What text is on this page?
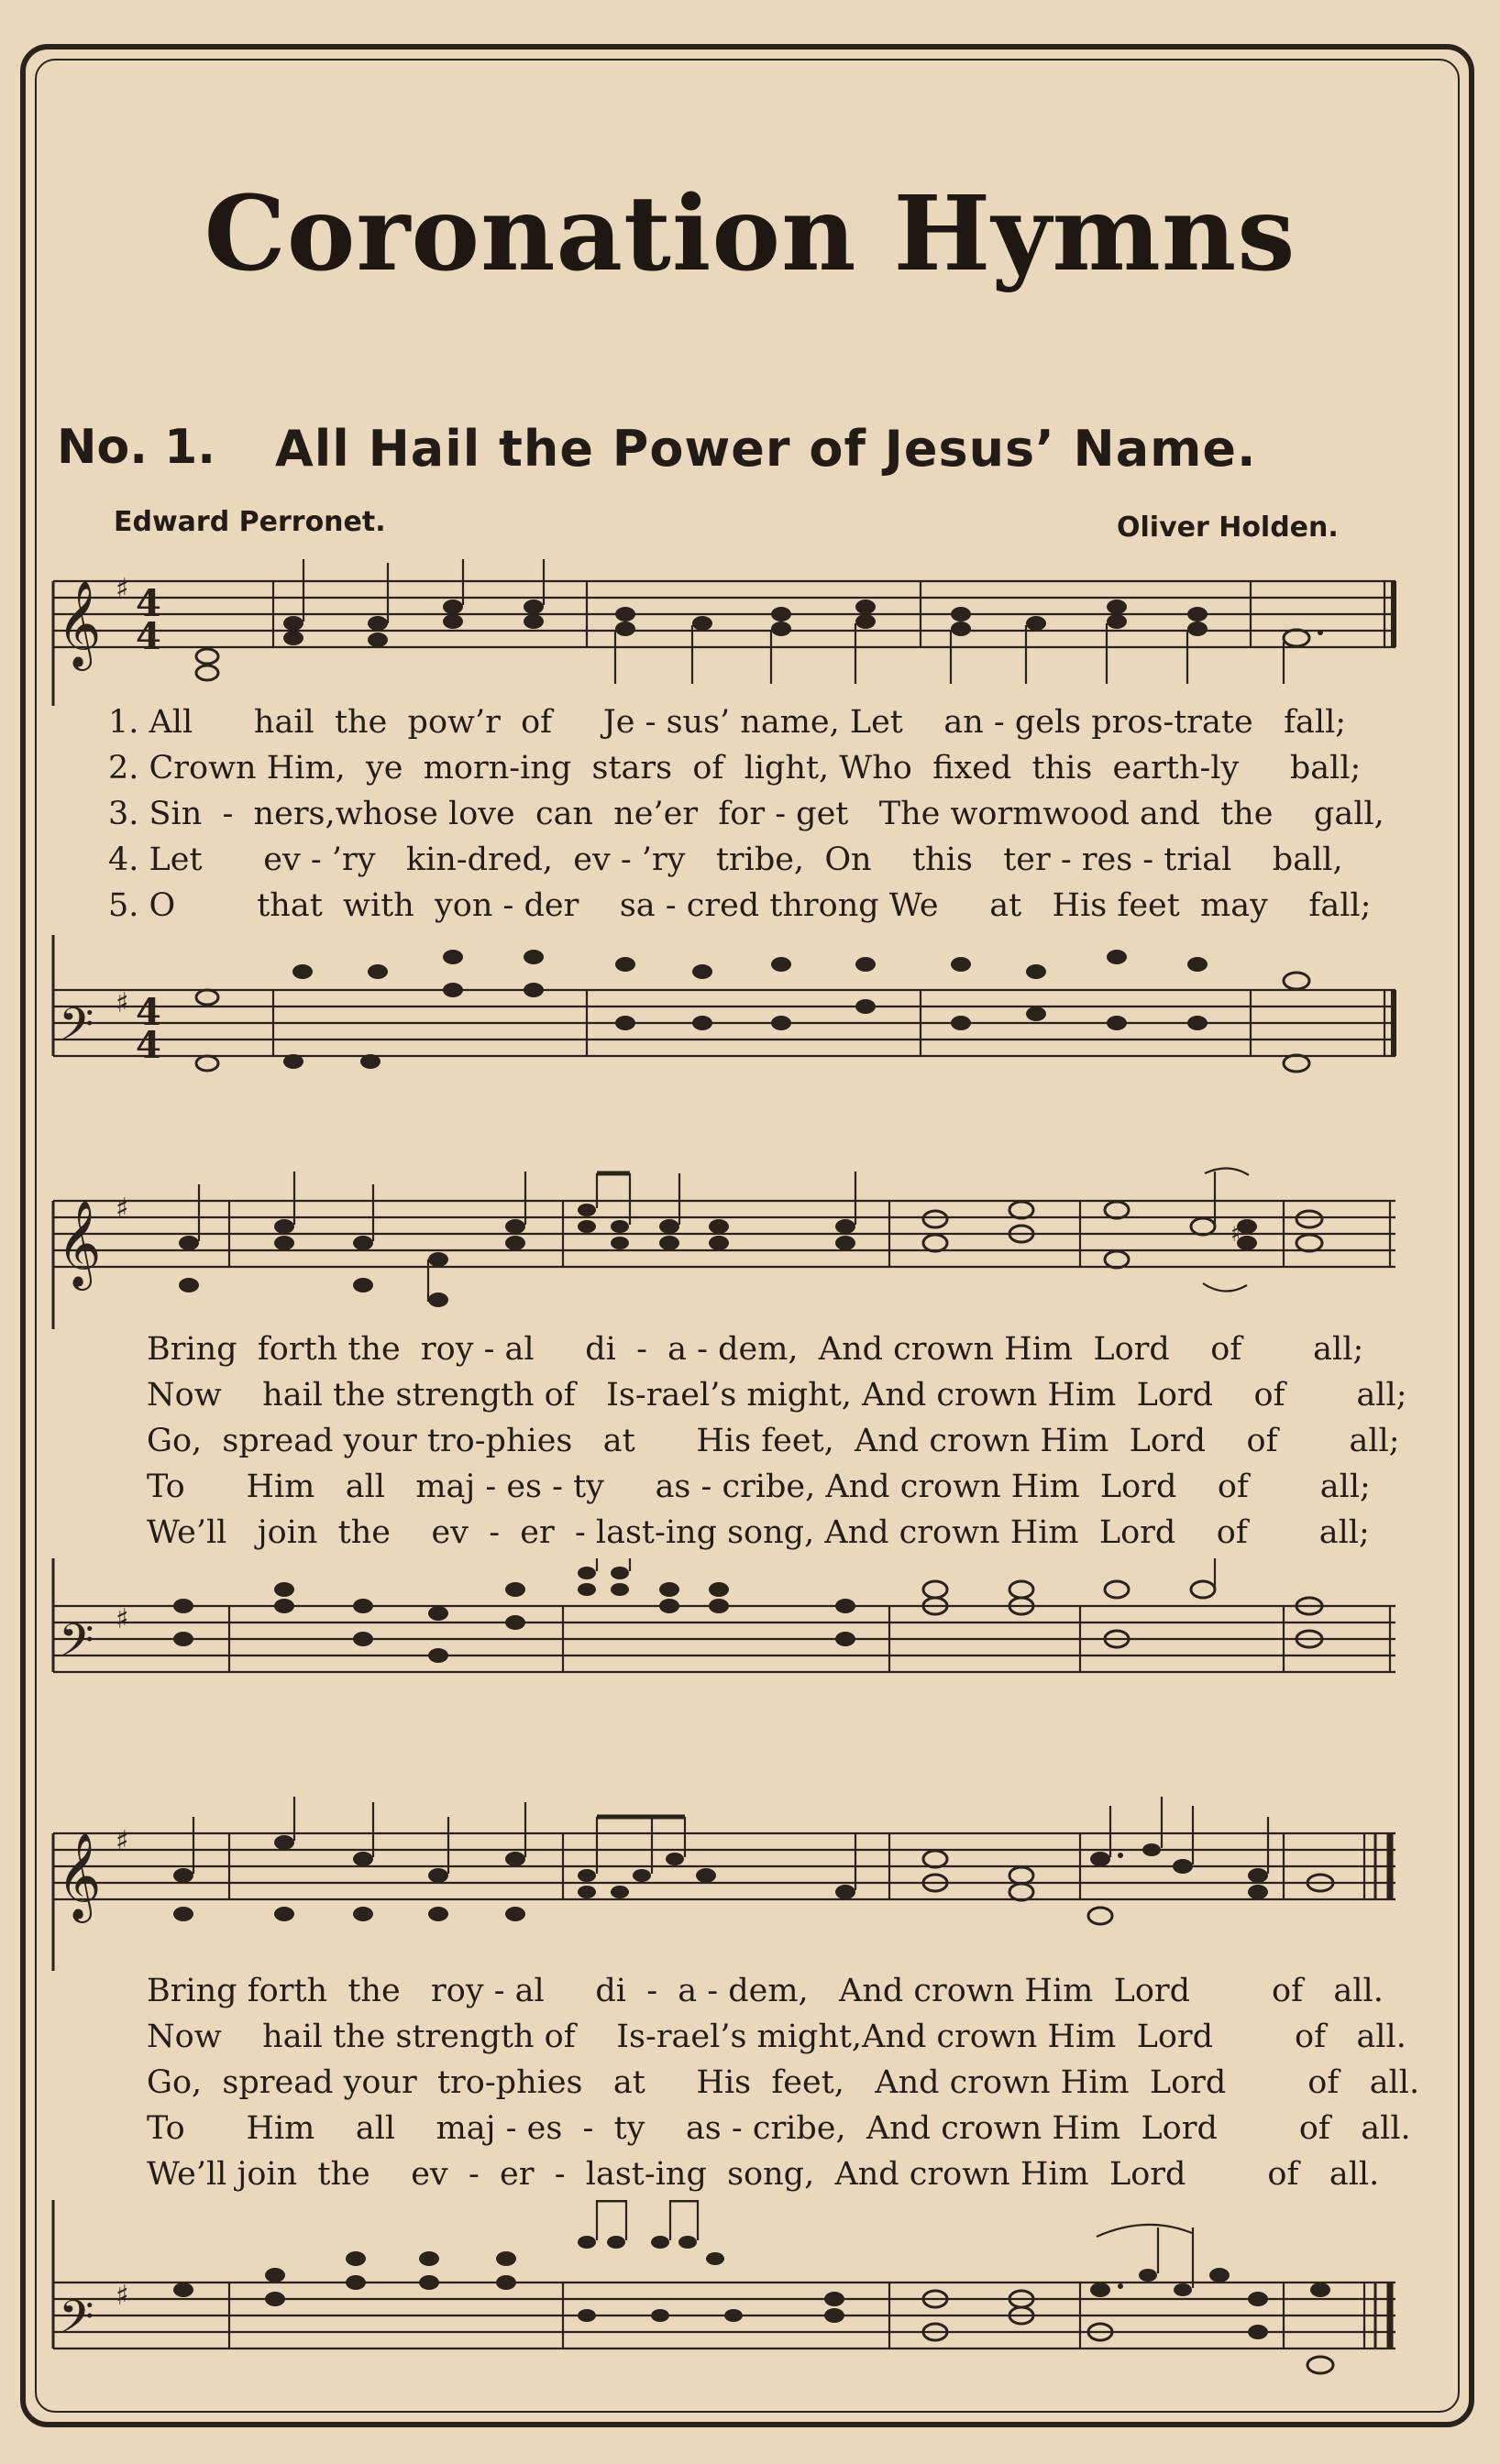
Coronation Hymns
No. 1. All Hail the Power of Jesus’ Name.
Edward Perronet.	Oliver Holden.
𝄞 ♯ 4
4
1. All      hail  the  pow’r  of     Je - sus’ name, Let    an - gels pros-trate   fall;
2. Crown Him,  ye  morn-ing  stars  of  light, Who  fixed  this  earth-ly     ball;
3. Sin  -  ners,whose love  can  ne’er  for - get   The wormwood and  the    gall,
4. Let      ev - ’ry   kin-dred,  ev - ’ry   tribe,  On    this   ter - res - trial    ball,
5. O        that  with  yon - der    sa - cred throng We     at   His feet  may    fall;
𝄢 ♯ 4
4
𝄞 ♯
♯
Bring  forth the  roy - al     di  -  a - dem,  And crown Him  Lord    of       all;
Now    hail the strength of   Is-rael’s might, And crown Him  Lord    of       all;
Go,  spread your tro-phies   at      His feet,  And crown Him  Lord    of       all;
To      Him   all   maj - es - ty     as - cribe, And crown Him  Lord    of       all;
We’ll   join  the    ev  -  er  - last-ing song, And crown Him  Lord    of       all;
𝄢 ♯
𝄞 ♯
Bring forth  the   roy - al     di  -  a - dem,   And crown Him  Lord        of   all.
Now    hail the strength of    Is-rael’s might,And crown Him  Lord        of   all.
Go,  spread your  tro-phies   at     His  feet,   And crown Him  Lord        of   all.
To      Him    all    maj - es  -  ty    as - cribe,  And crown Him  Lord        of   all.
We’ll join  the    ev  -  er  -  last-ing  song,  And crown Him  Lord        of   all.
𝄢 ♯
